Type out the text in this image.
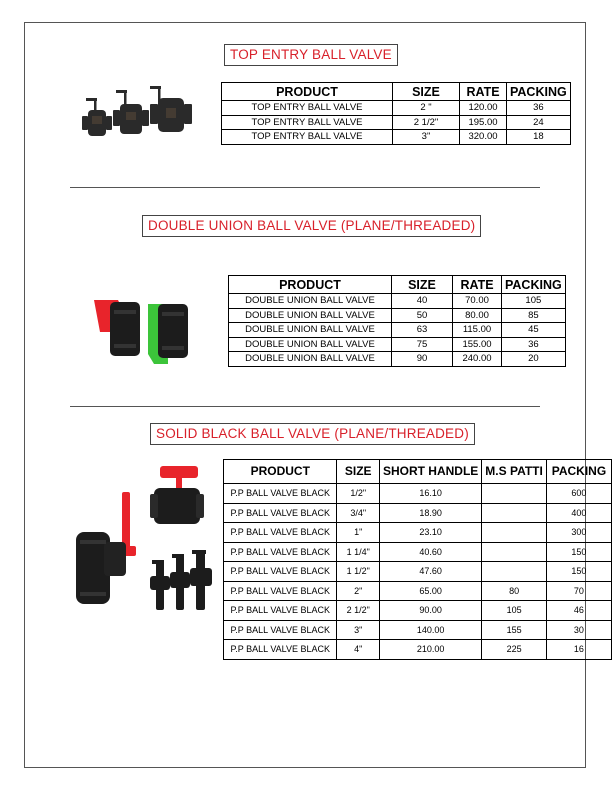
TOP ENTRY BALL VALVE
PRODUCT	SIZE	RATE	PACKING
TOP ENTRY BALL VALVE	2 "	120.00	36
TOP ENTRY BALL VALVE	2 1/2"	195.00	24
TOP ENTRY BALL VALVE	3"	320.00	18
DOUBLE UNION BALL VALVE (PLANE/THREADED)
PRODUCT	SIZE	RATE	PACKING
DOUBLE UNION BALL VALVE	40	70.00	105
DOUBLE UNION BALL VALVE	50	80.00	85
DOUBLE UNION BALL VALVE	63	115.00	45
DOUBLE UNION BALL VALVE	75	155.00	36
DOUBLE UNION BALL VALVE	90	240.00	20
SOLID BLACK BALL VALVE (PLANE/THREADED)
PRODUCT	SIZE	SHORT HANDLE	M.S PATTI	PACKING
P.P BALL VALVE BLACK	1/2"	16.10		600
P.P BALL VALVE BLACK	3/4"	18.90		400
P.P BALL VALVE BLACK	1"	23.10		300
P.P BALL VALVE BLACK	1 1/4"	40.60		150
P.P BALL VALVE BLACK	1 1/2"	47.60		150
P.P BALL VALVE BLACK	2"	65.00	80	70
P.P BALL VALVE BLACK	2 1/2"	90.00	105	46
P.P BALL VALVE BLACK	3"	140.00	155	30
P.P BALL VALVE BLACK	4"	210.00	225	16
